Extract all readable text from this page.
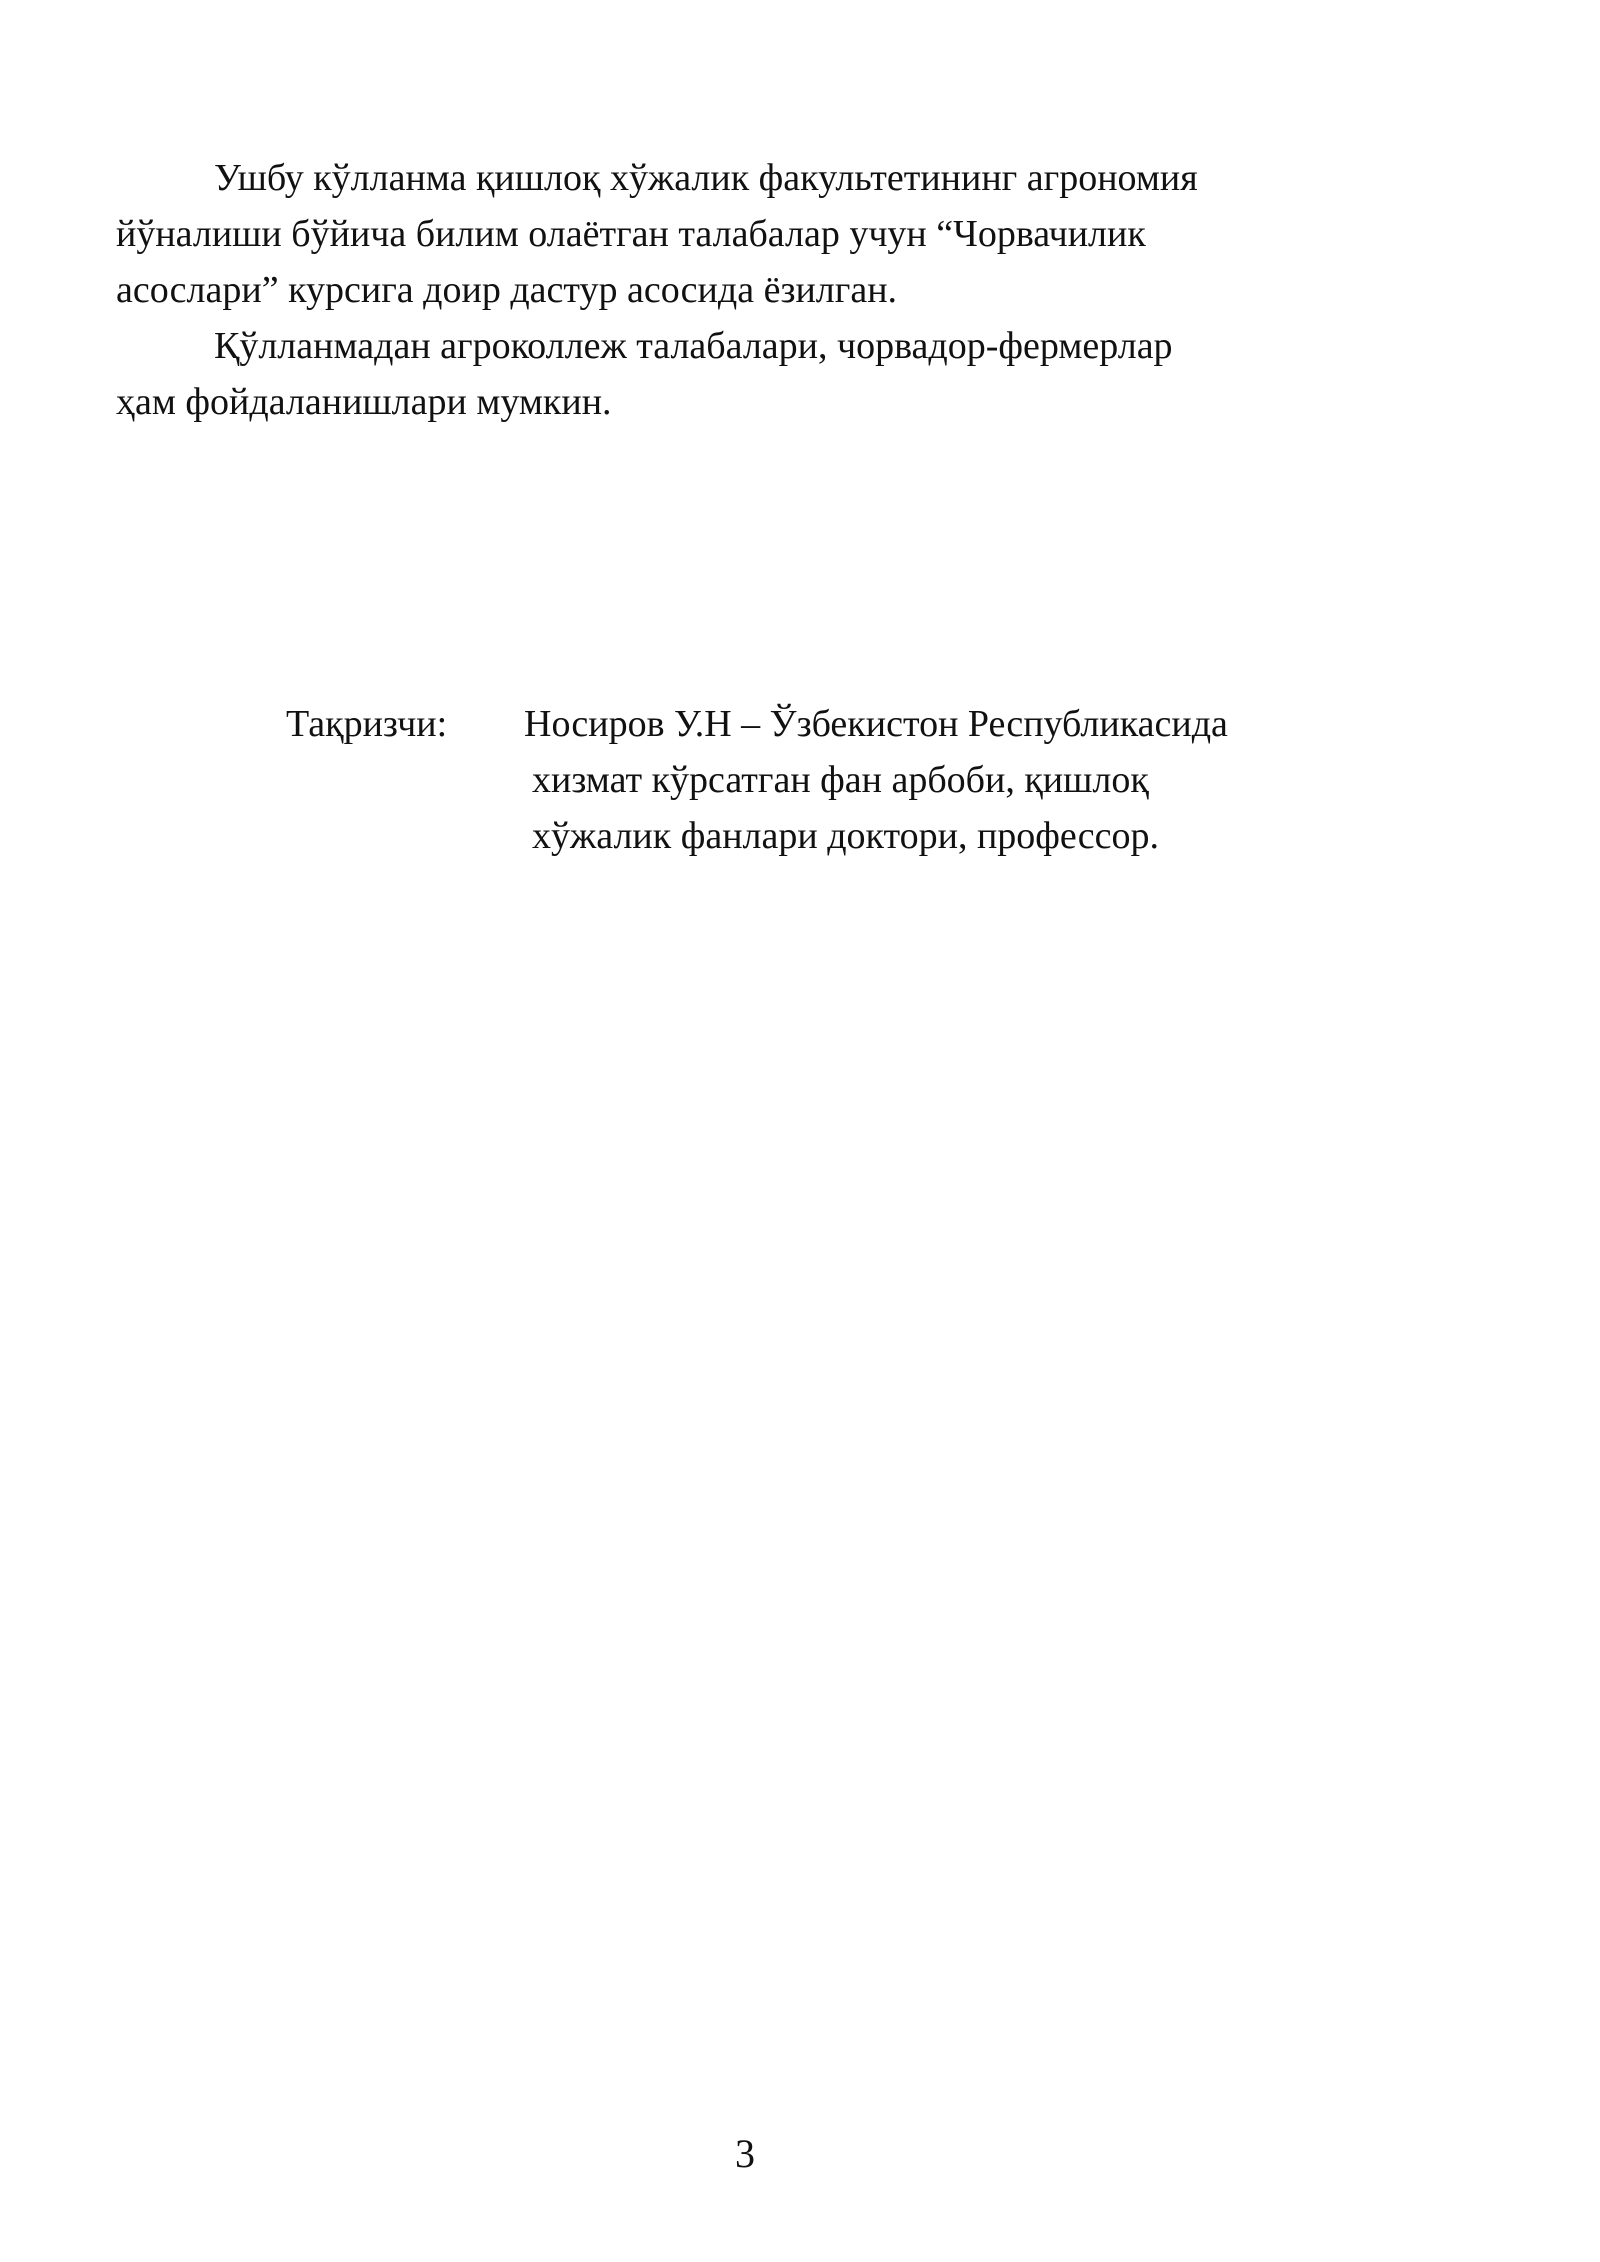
Ушбу кўлланма қишлоқ хўжалик факультетининг агрономия
йўналиши бўйича билим олаётган талабалар учун “Чорвачилик
асослари” курсига доир дастур асосида ёзилган.
Қўлланмадан агроколлеж талабалари, чорвадор-фермерлар
ҳам фойдаланишлари мумкин.
Тақризчи: Носиров У.Н – Ўзбекистон Республикасида
хизмат кўрсатган фан арбоби, қишлоқ
хўжалик фанлари доктори, профессор.
3
